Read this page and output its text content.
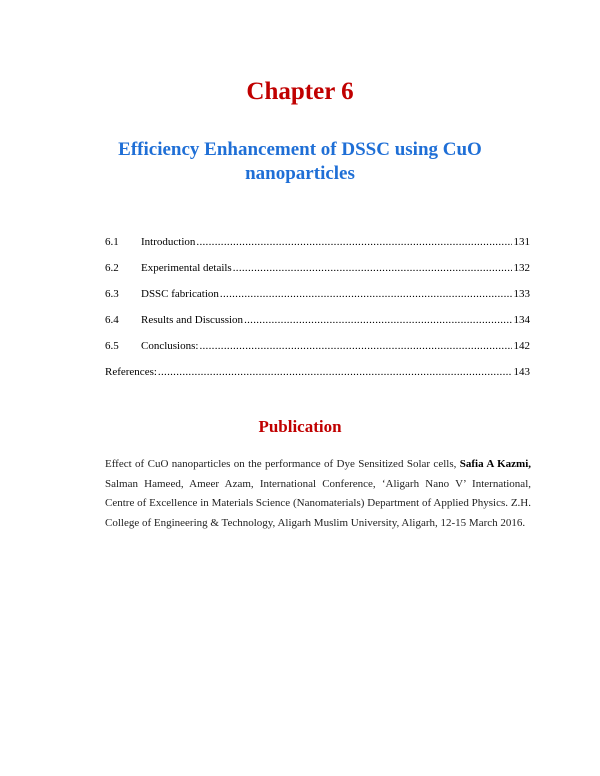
Chapter 6
Efficiency Enhancement of DSSC using CuO nanoparticles
6.1	Introduction .....	131
6.2	Experimental details .....	132
6.3	DSSC fabrication .....	133
6.4	Results and Discussion .....	134
6.5	Conclusions: .....	142
References: .....	143
Publication
Effect of CuO nanoparticles on the performance of Dye Sensitized Solar cells, Safia A Kazmi, Salman Hameed, Ameer Azam, International Conference, ‘Aligarh Nano V’ International, Centre of Excellence in Materials Science (Nanomaterials) Department of Applied Physics. Z.H. College of Engineering & Technology, Aligarh Muslim University, Aligarh, 12-15 March 2016.
